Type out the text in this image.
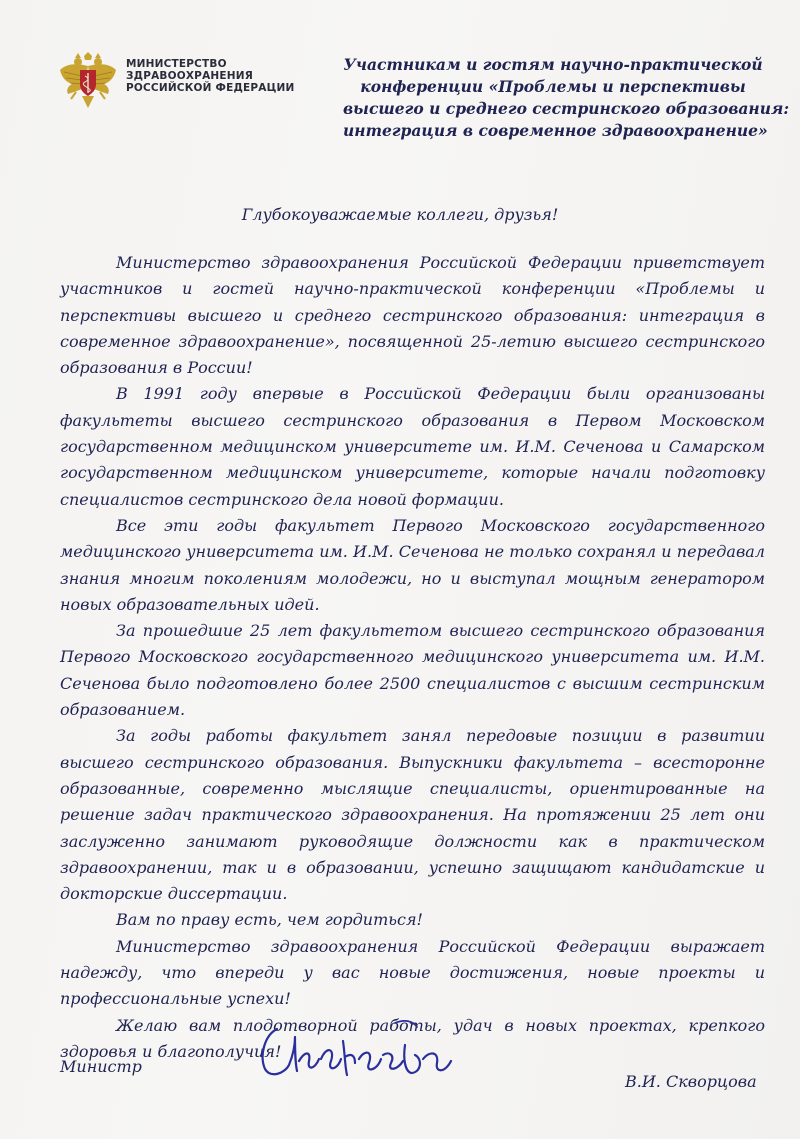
МИНИСТЕРСТВО
ЗДРАВООХРАНЕНИЯ
РОССИЙСКОЙ ФЕДЕРАЦИИ
Участникам и гостям научно-практической
конференции «Проблемы и перспективы
высшего и среднего сестринского образования:
интеграция в современное здравоохранение»
Глубокоуважаемые коллеги, друзья!

Министерство здравоохранения Российской Федерации приветствует участников и гостей научно-практической конференции «Проблемы и перспективы высшего и среднего сестринского образования: интеграция в современное здравоохранение», посвященной 25-летию высшего сестринского образования в России!

В 1991 году впервые в Российской Федерации были организованы факультеты высшего сестринского образования в Первом Московском государственном медицинском университете им. И.М. Сеченова и Самарском государственном медицинском университете, которые начали подготовку специалистов сестринского дела новой формации.

Все эти годы факультет Первого Московского государственного медицинского университета им. И.М. Сеченова не только сохранял и передавал знания многим поколениям молодежи, но и выступал мощным генератором новых образовательных идей.

За прошедшие 25 лет факультетом высшего сестринского образования Первого Московского государственного медицинского университета им. И.М. Сеченова было подготовлено более 2500 специалистов с высшим сестринским образованием.

За годы работы факультет занял передовые позиции в развитии высшего сестринского образования. Выпускники факультета – всесторонне образованные, современно мыслящие специалисты, ориентированные на решение задач практического здравоохранения. На протяжении 25 лет они заслуженно занимают руководящие должности как в практическом здравоохранении, так и в образовании, успешно защищают кандидатские и докторские диссертации.

Вам по праву есть, чем гордиться!

Министерство здравоохранения Российской Федерации выражает надежду, что впереди у вас новые достижения, новые проекты и профессиональные успехи!

Желаю вам плодотворной работы, удач в новых проектах, крепкого здоровья и благополучия!

Министр
В.И. Скворцова
